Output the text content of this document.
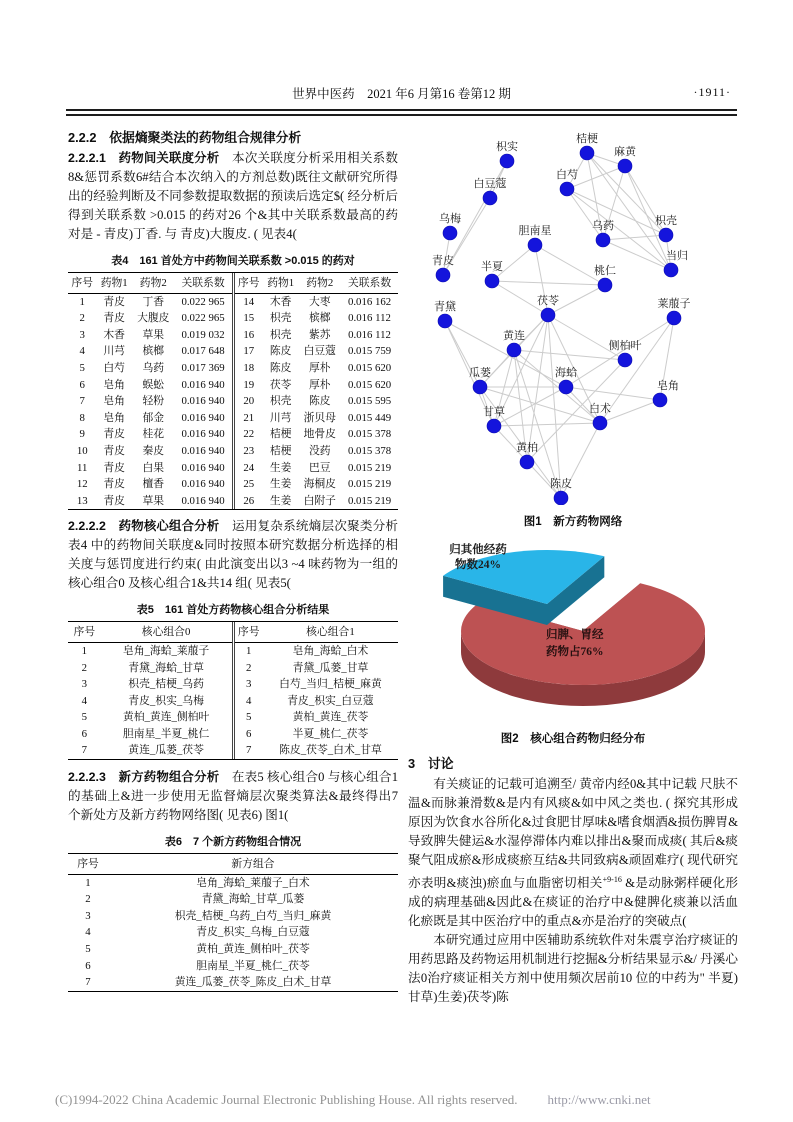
世界中医药　2021 年6 月第16 卷第12 期	·1911·
2.2.2　依据熵聚类法的药物组合规律分析

2.2.2.1　药物间关联度分析　本次关联度分析采用相关系数8&惩罚系数6#结合本次纳入的方剂总数)既往文献研究所得出的经验判断及不同参数提取数据的预读后选定$( 经分析后得到关联系数 >0.015 的药对26 个&其中关联系数最高的药对是 - 青皮)丁香. 与 青皮)大腹皮. ( 见表4(

表4　161 首处方中药物间关联系数 >0.015 的药对
序号	药物1	药物2	关联系数
1	青皮	丁香	0.022 965
2	青皮	大腹皮	0.022 965
3	木香	草果	0.019 032
4	川芎	槟榔	0.017 648
5	白芍	乌药	0.017 369
6	皂角	蜈蚣	0.016 940
7	皂角	轻粉	0.016 940
8	皂角	郁金	0.016 940
9	青皮	桂花	0.016 940
10	青皮	秦皮	0.016 940
11	青皮	白果	0.016 940
12	青皮	檀香	0.016 940
13	青皮	草果	0.016 940
序号	药物1	药物2	关联系数
14	木香	大枣	0.016 162
15	枳壳	槟榔	0.016 112
16	枳壳	紫苏	0.016 112
17	陈皮	白豆蔻	0.015 759
18	陈皮	厚朴	0.015 620
19	茯苓	厚朴	0.015 620
20	枳壳	陈皮	0.015 595
21	川芎	浙贝母	0.015 449
22	桔梗	地骨皮	0.015 378
23	桔梗	没药	0.015 378
24	生姜	巴豆	0.015 219
25	生姜	海桐皮	0.015 219
26	生姜	白附子	0.015 219

2.2.2.2　药物核心组合分析　运用复杂系统熵层次聚类分析表4 中的药物间关联度&同时按照本研究数据分析选择的相关度与惩罚度进行约束( 由此演变出以3 ~4 味药物为一组的核心组合0 及核心组合1&共14 组( 见表5(

表5　161 首处方药物核心组合分析结果
序号	核心组合0
1	皂角_海蛤_莱菔子
2	青黛_海蛤_甘草
3	枳壳_桔梗_乌药
4	青皮_枳实_乌梅
5	黄柏_黄连_侧柏叶
6	胆南星_半夏_桃仁
7	黄连_瓜蒌_茯苓
序号	核心组合1
1	皂角_海蛤_白术
2	青黛_瓜蒌_甘草
3	白芍_当归_桔梗_麻黄
4	青皮_枳实_白豆蔻
5	黄柏_黄连_茯苓
6	半夏_桃仁_茯苓
7	陈皮_茯苓_白术_甘草

2.2.2.3　新方药物组合分析　在表5 核心组合0 与核心组合1 的基础上&进一步使用无监督熵层次聚类算法&最终得出7 个新处方及新方药物网络图( 见表6) 图1(

表6　7 个新方药物组合情况
序号	新方组合
1	皂角_海蛤_莱菔子_白术
2	青黛_海蛤_甘草_瓜蒌
3	枳壳_桔梗_乌药_白芍_当归_麻黄
4	青皮_枳实_乌梅_白豆蔻
5	黄柏_黄连_侧柏叶_茯苓
6	胆南星_半夏_桃仁_茯苓
7	黄连_瓜蒌_茯苓_陈皮_白术_甘草
枳实
桔梗
麻黄
白芍
白豆蔻
乌梅
胆南星	乌药	枳壳
当归
青皮 半夏	桃仁
青黛	茯苓	莱菔子
黄连
侧柏叶
瓜蒌	海蛤
皂角
甘草	白术
黄柏
陈皮
图1　新方药物网络
归其他经药物数24%
归脾、胃经药物占76%
图2　核心组合药物归经分布
3　讨论

有关痰证的记载可追溯至/ 黄帝内经0&其中记载 尺肤不温&而脉兼滑数&是内有风痰&如中风之类也. ( 探究其形成原因为饮食水谷所化&过食肥甘厚味&嗜食烟酒&损伤脾胃&导致脾失健运&水湿停滞体内难以排出&聚而成痰( 其后&痰聚气阻成瘀&形成痰瘀互结&共同致病&顽固难疗( 现代研究亦表明&痰浊)瘀血与血脂密切相关$^{+9-16}$ &是动脉粥样硬化形成的病理基础&因此&在痰证的治疗中&健脾化痰兼以活血化瘀既是其中医治疗中的重点&亦是治疗的突破点(

本研究通过应用中医辅助系统软件对朱震亨治疗痰证的用药思路及药物运用机制进行挖掘&分析结果显示&/ 丹溪心法0治疗痰证相关方剂中使用频次居前10 位的中药为" 半夏)甘草)生姜)茯苓)陈

(C)1994-2022 China Academic Journal Electronic Publishing House. All rights reserved. http://www.cnki.net
